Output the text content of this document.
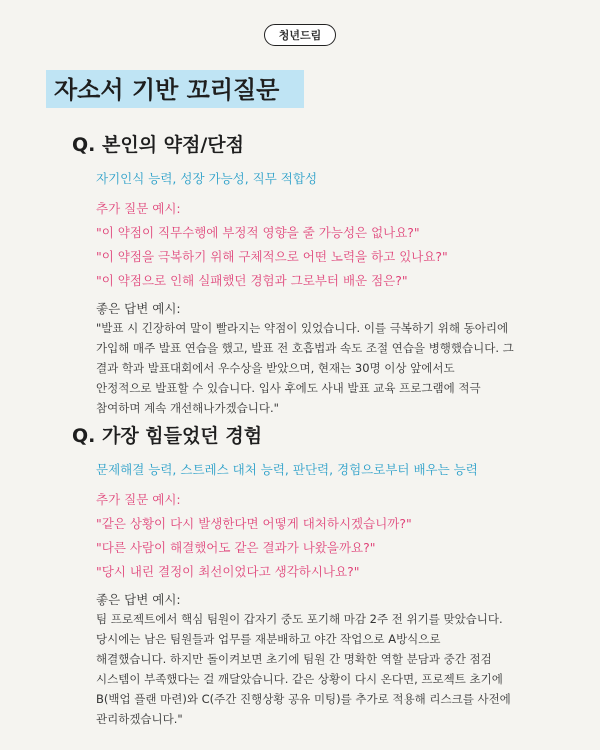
청년드림
자소서 기반 꼬리질문
Q. 본인의 약점/단점
자기인식 능력, 성장 가능성, 직무 적합성
추가 질문 예시:
"이 약점이 직무수행에 부정적 영향을 줄 가능성은 없나요?"
"이 약점을 극복하기 위해 구체적으로 어떤 노력을 하고 있나요?"
"이 약점으로 인해 실패했던 경험과 그로부터 배운 점은?"
좋은 답변 예시:
"발표 시 긴장하여 말이 빨라지는 약점이 있었습니다. 이를 극복하기 위해 동아리에
가입해 매주 발표 연습을 했고, 발표 전 호흡법과 속도 조절 연습을 병행했습니다. 그
결과 학과 발표대회에서 우수상을 받았으며, 현재는 30명 이상 앞에서도
안정적으로 발표할 수 있습니다. 입사 후에도 사내 발표 교육 프로그램에 적극
참여하며 계속 개선해나가겠습니다."
Q. 가장 힘들었던 경험
문제해결 능력, 스트레스 대처 능력, 판단력, 경험으로부터 배우는 능력
추가 질문 예시:
"같은 상황이 다시 발생한다면 어떻게 대처하시겠습니까?"
"다른 사람이 해결했어도 같은 결과가 나왔을까요?"
"당시 내린 결정이 최선이었다고 생각하시나요?"
좋은 답변 예시:
팀 프로젝트에서 핵심 팀원이 갑자기 중도 포기해 마감 2주 전 위기를 맞았습니다.
당시에는 남은 팀원들과 업무를 재분배하고 야간 작업으로 A방식으로
해결했습니다. 하지만 돌이켜보면 초기에 팀원 간 명확한 역할 분담과 중간 점검
시스템이 부족했다는 걸 깨달았습니다. 같은 상황이 다시 온다면, 프로젝트 초기에
B(백업 플랜 마련)와 C(주간 진행상황 공유 미팅)를 추가로 적용해 리스크를 사전에
관리하겠습니다."
